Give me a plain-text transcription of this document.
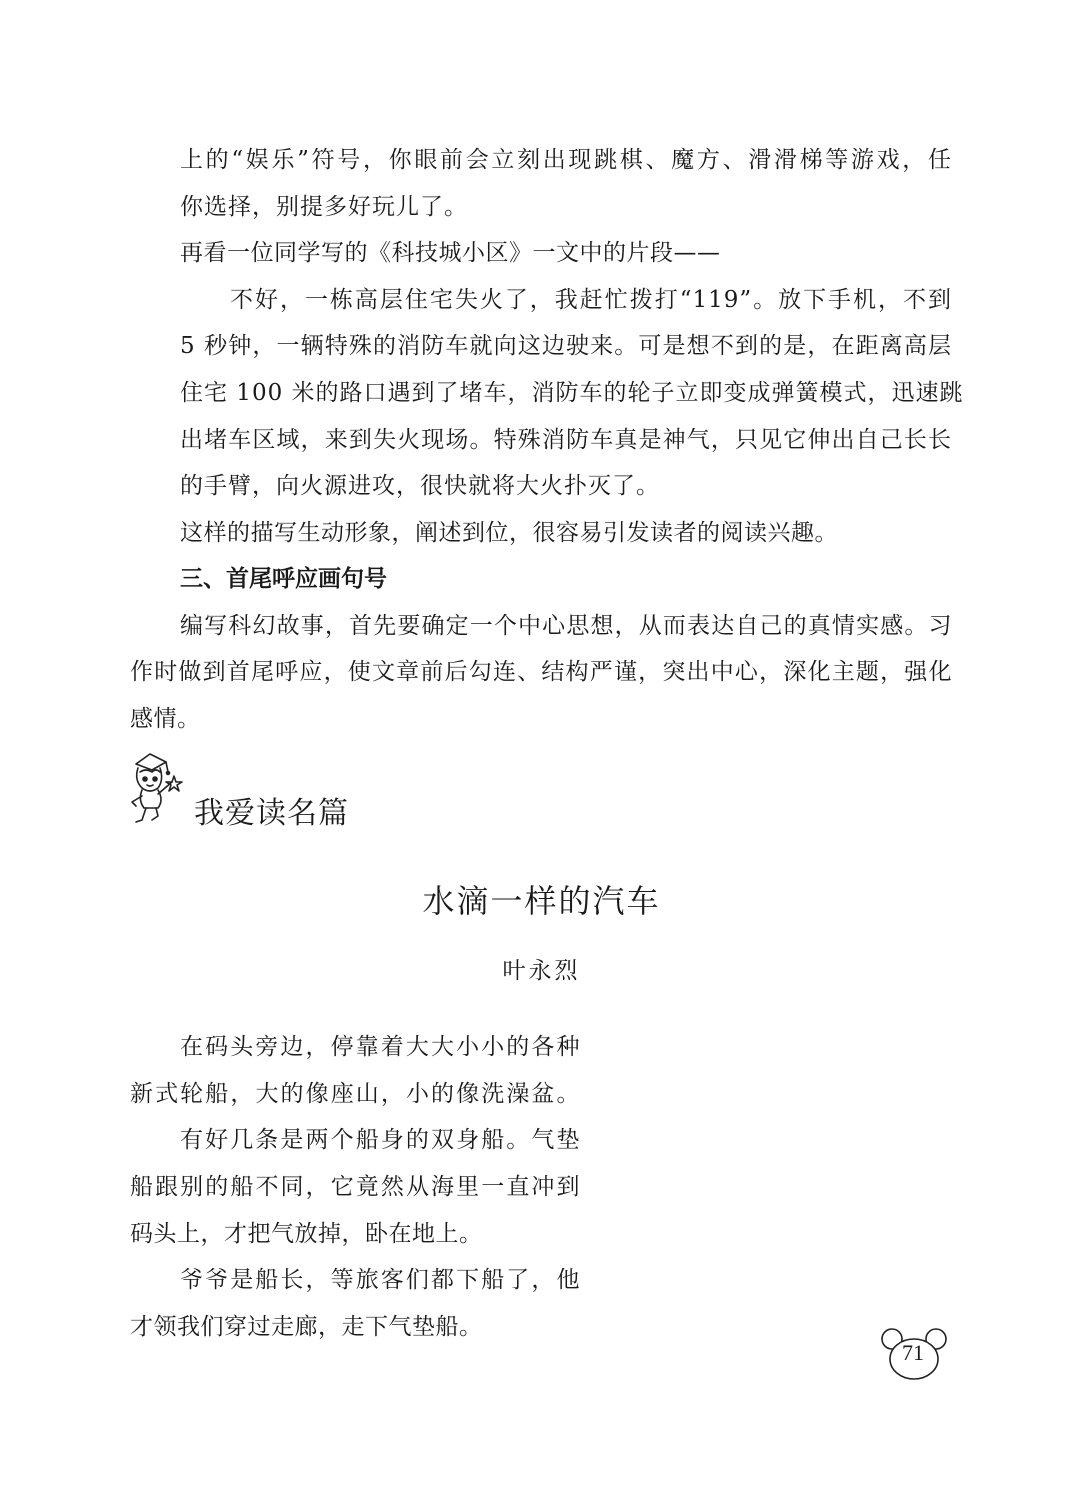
上的“娱乐”符号，你眼前会立刻出现跳棋、魔方、滑滑梯等游戏，任
你选择，别提多好玩儿了。
再看一位同学写的《科技城小区》一文中的片段——
不好，一栋高层住宅失火了，我赶忙拨打“119”。放下手机，不到
5 秒钟，一辆特殊的消防车就向这边驶来。可是想不到的是，在距离高层
住宅 100 米的路口遇到了堵车，消防车的轮子立即变成弹簧模式，迅速跳
出堵车区域，来到失火现场。特殊消防车真是神气，只见它伸出自己长长
的手臂，向火源进攻，很快就将大火扑灭了。
这样的描写生动形象，阐述到位，很容易引发读者的阅读兴趣。
三、首尾呼应画句号
编写科幻故事，首先要确定一个中心思想，从而表达自己的真情实感。习
作时做到首尾呼应，使文章前后勾连、结构严谨，突出中心，深化主题，强化
感情。
我爱读名篇
水滴一样的汽车
叶永烈
在码头旁边，停靠着大大小小的各种
新式轮船，大的像座山，小的像洗澡盆。
有好几条是两个船身的双身船。气垫
船跟别的船不同，它竟然从海里一直冲到
码头上，才把气放掉，卧在地上。
爷爷是船长，等旅客们都下船了，他
才领我们穿过走廊，走下气垫船。
71
